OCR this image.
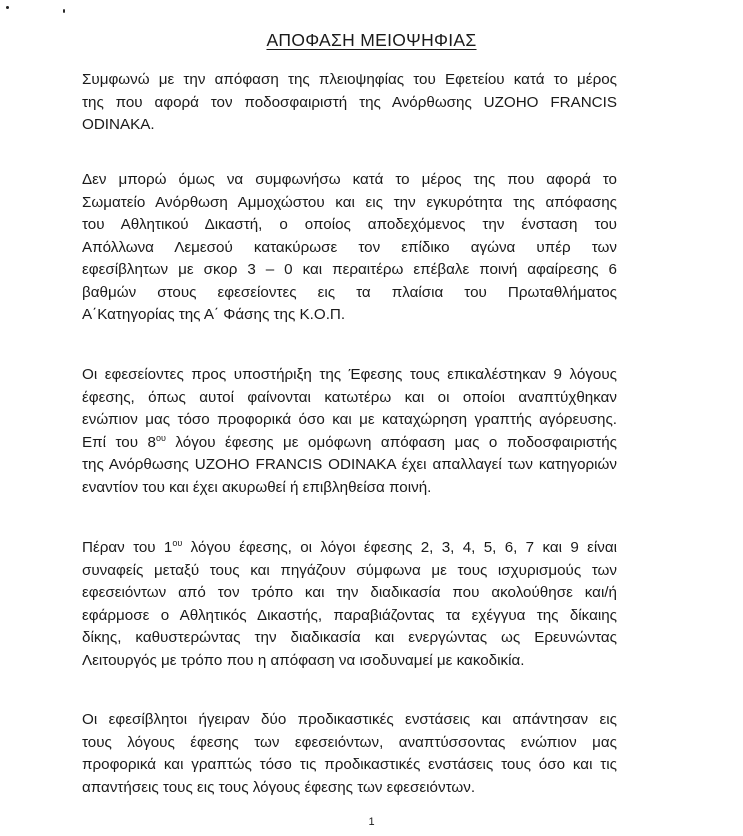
ΑΠΟΦΑΣΗ ΜΕΙΟΨΗΦΙΑΣ

Συμφωνώ με την απόφαση της πλειοψηφίας του Εφετείου κατά το μέρος
της που αφορά τον ποδοσφαιριστή της Ανόρθωσης UZOHO FRANCIS
ODINAKA.

Δεν μπορώ όμως να συμφωνήσω κατά το μέρος της που αφορά το
Σωματείο Ανόρθωση Αμμοχώστου και εις την εγκυρότητα της απόφασης
του Αθλητικού Δικαστή, ο οποίος αποδεχόμενος την ένσταση του
Απόλλωνα Λεμεσού κατακύρωσε τον επίδικο αγώνα υπέρ των
εφεσίβλητων με σκορ 3 – 0 και περαιτέρω επέβαλε ποινή αφαίρεσης 6
βαθμών στους εφεσείοντες εις τα πλαίσια του Πρωταθλήματος
Α΄Κατηγορίας της Α΄ Φάσης της Κ.Ο.Π.

Οι εφεσείοντες προς υποστήριξη της Έφεσης τους επικαλέστηκαν 9 λόγους
έφεσης, όπως αυτοί φαίνονται κατωτέρω και οι οποίοι αναπτύχθηκαν
ενώπιον μας τόσο προφορικά όσο και με καταχώρηση γραπτής αγόρευσης.
Επί του $8^{o\upsilon}$ λόγου έφεσης με ομόφωνη απόφαση μας ο ποδοσφαιριστής
της Ανόρθωσης UZOHO FRANCIS ODINAKA έχει απαλλαγεί των κατηγοριών
εναντίον του και έχει ακυρωθεί ή επιβληθείσα ποινή.

Πέραν του $1^{o\upsilon}$ λόγου έφεσης, οι λόγοι έφεσης 2, 3, 4, 5, 6, 7 και 9 είναι
συναφείς μεταξύ τους και πηγάζουν σύμφωνα με τους ισχυρισμούς των
εφεσειόντων από τον τρόπο και την διαδικασία που ακολούθησε και/ή
εφάρμοσε ο Αθλητικός Δικαστής, παραβιάζοντας τα εχέγγυα της δίκαιης
δίκης, καθυστερώντας την διαδικασία και ενεργώντας ως Ερευνώντας
Λειτουργός με τρόπο που η απόφαση να ισοδυναμεί με κακοδικία.

Οι εφεσίβλητοι ήγειραν δύο προδικαστικές ενστάσεις και απάντησαν εις
τους λόγους έφεσης των εφεσειόντων, αναπτύσσοντας ενώπιον μας
προφορικά και γραπτώς τόσο τις προδικαστικές ενστάσεις τους όσο και τις
απαντήσεις τους εις τους λόγους έφεσης των εφεσειόντων.

1
